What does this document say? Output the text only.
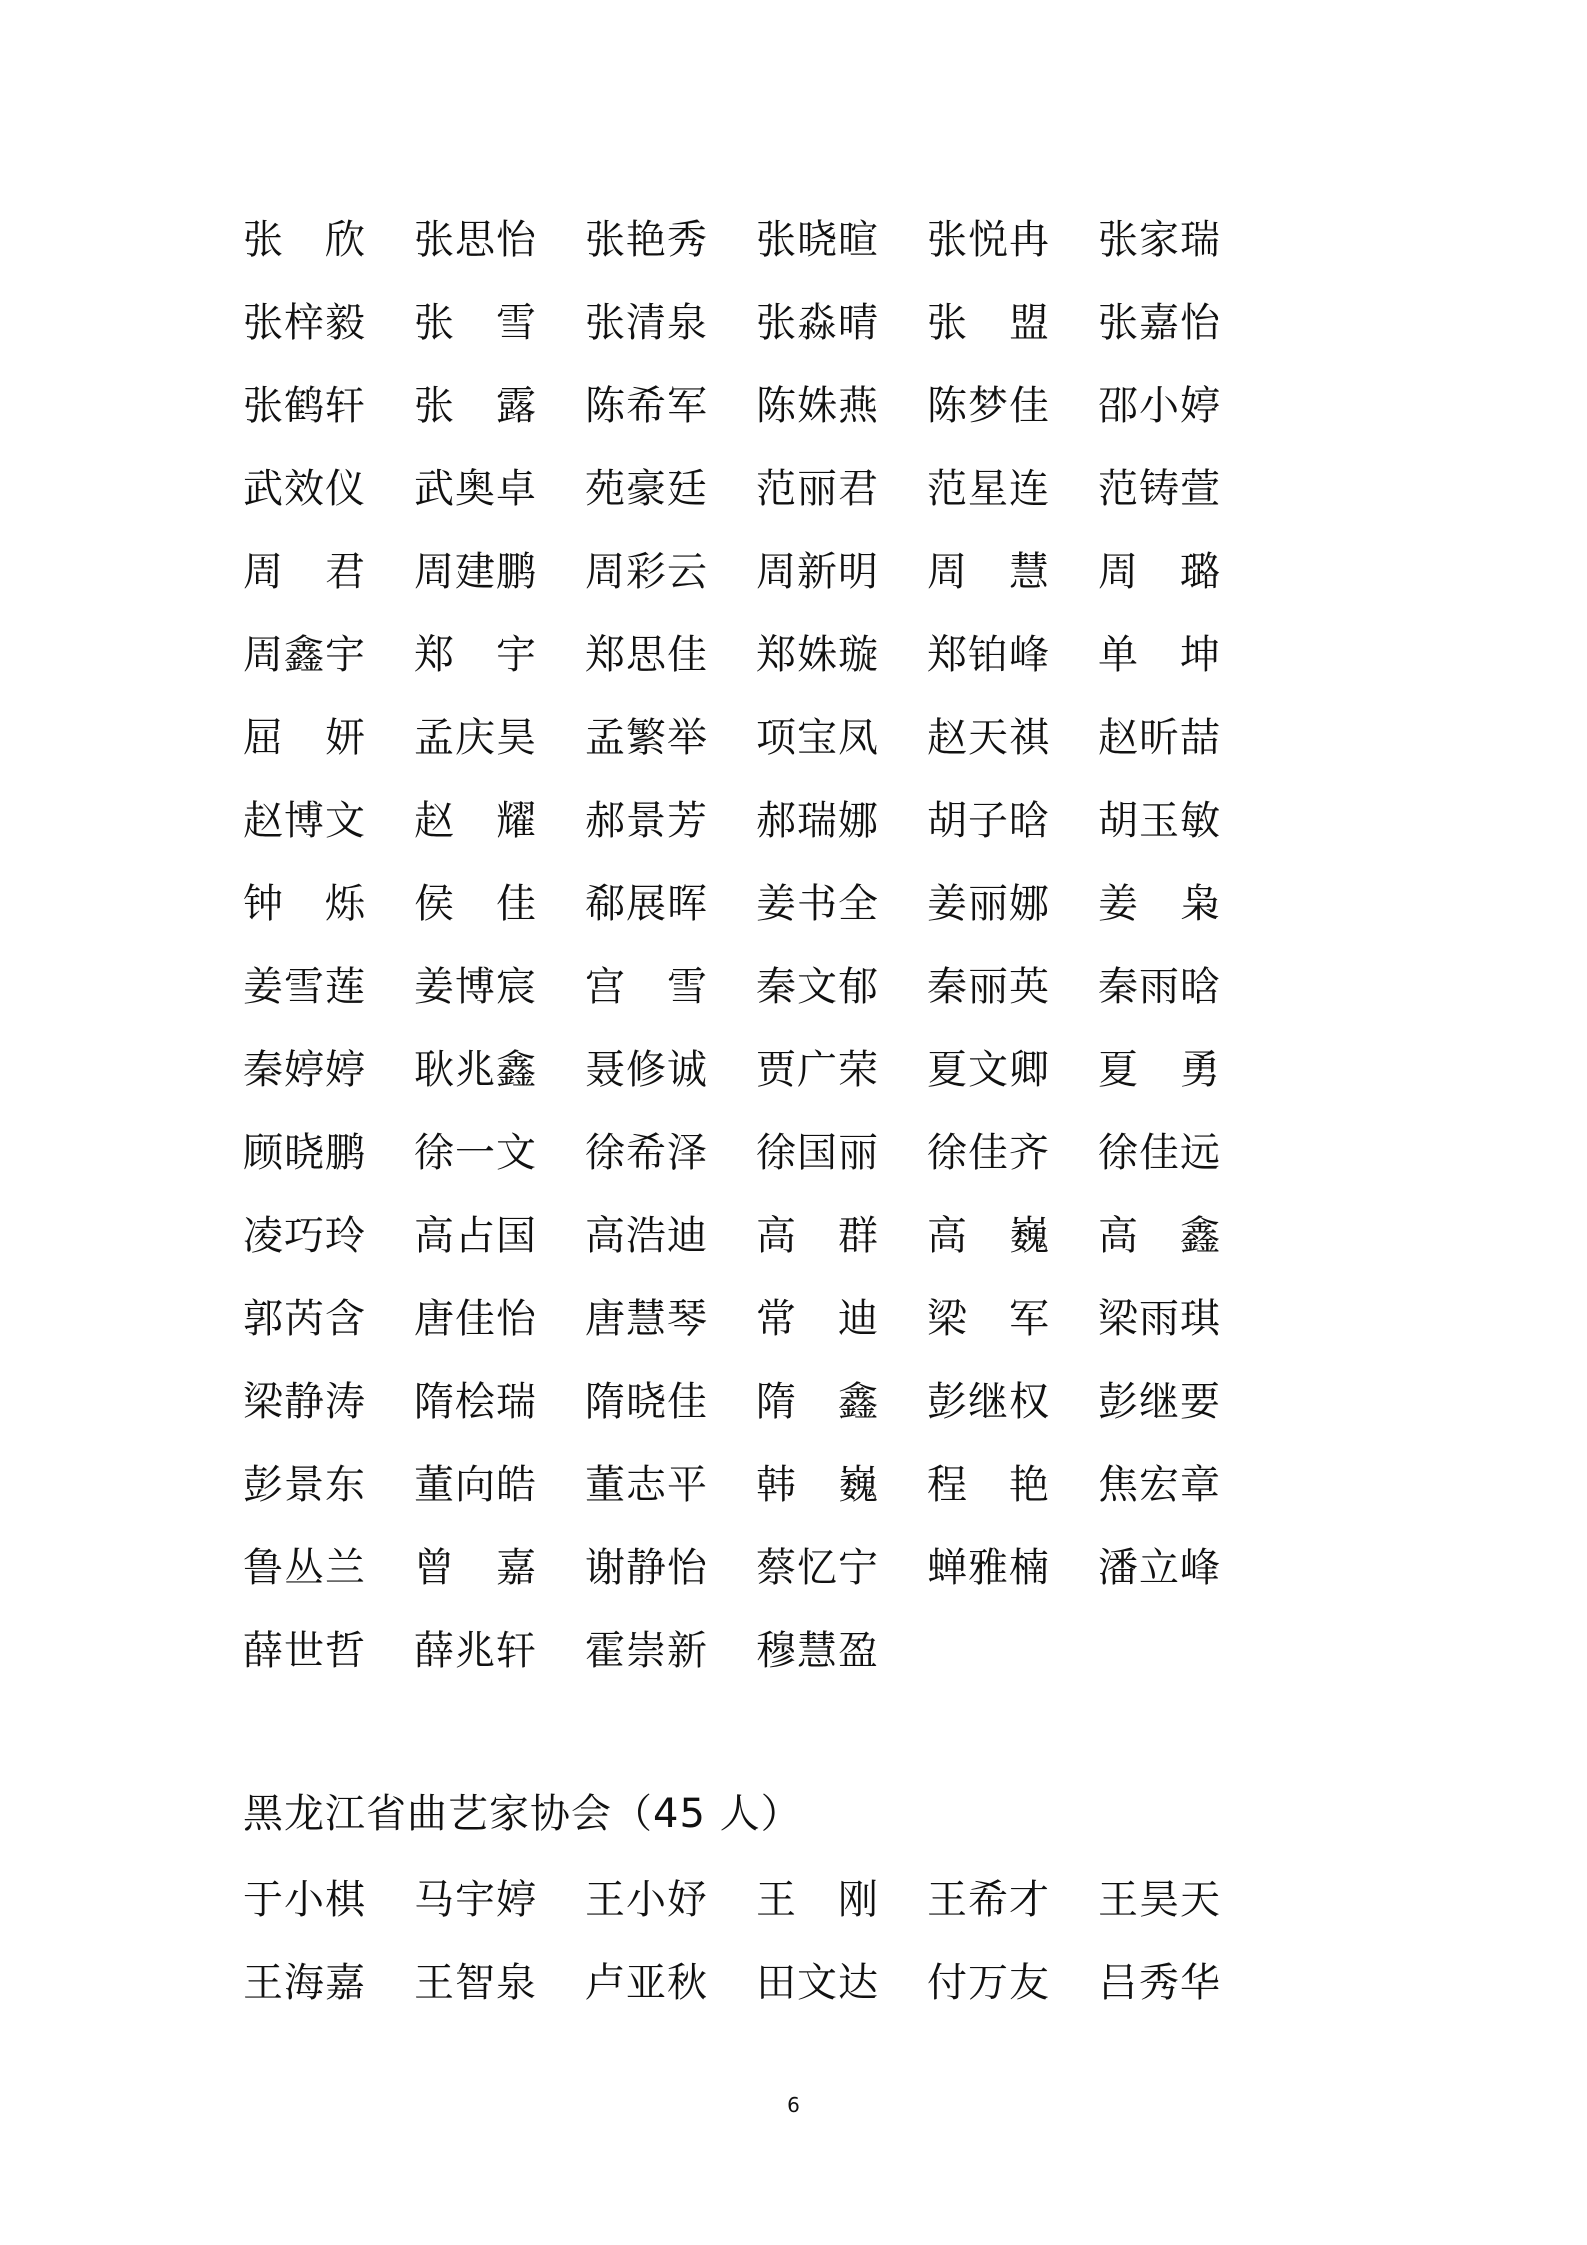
张
　 欣 张 思 怡 张 艳 秀 张 晓 暄 张 悦 冉 张 家 瑞
张 梓 毅 张
　 雪 张 清 泉 张 淼 晴 张
　 盟 张 嘉 怡
张 鹤 轩 张
　 露 陈 希 军 陈 姝 燕 陈 梦 佳 邵 小 婷
武 效 仪 武 奥 卓 苑 豪 廷 范 丽 君 范 星 连 范 铸 萱
周
　 君 周 建 鹏 周 彩 云 周 新 明 周
　 慧 周
　 璐
周 鑫 宇 郑
　 宇 郑 思 佳 郑 姝 璇 郑 铂 峰 单
　 坤
屈
　 妍 孟 庆 昊 孟 繁 举 项 宝 凤 赵 天 祺 赵 昕 喆
赵 博 文 赵
　 耀 郝 景 芳 郝 瑞 娜 胡 子 晗 胡 玉 敏
钟
　 烁 侯
　 佳 郗 展 晖 姜 书 全 姜 丽 娜 姜
　 枭
姜 雪 莲 姜 博 宸 宫
　 雪 秦 文 郁 秦 丽 英 秦 雨 晗
秦 婷 婷 耿 兆 鑫 聂 修 诚 贾 广 荣 夏 文 卿 夏
　 勇
顾 晓 鹏 徐 一 文 徐 希 泽 徐 国 丽 徐 佳 齐 徐 佳 远
凌 巧 玲 高 占 国 高 浩 迪 高
　 群 高
　 巍 高
　 鑫
郭 芮 含 唐 佳 怡 唐 慧 琴 常
　 迪 梁
　 军 梁 雨 琪
梁 静 涛 隋 桧 瑞 隋 晓 佳 隋
　 鑫 彭 继 权 彭 继 要
彭 景 东 董 向 皓 董 志 平 韩
　 巍 程
　 艳 焦 宏 章
鲁 丛 兰 曾
　 嘉 谢 静 怡 蔡 忆 宁 蝉 雅 楠 潘 立 峰
薛 世 哲 薛 兆 轩 霍 崇 新 穆 慧 盈
黑龙江省曲艺家协会（45 人）
于 小 棋 马 宇 婷 王 小 妤 王
　 刚 王 希 才 王 昊 天
王 海 嘉 王 智 泉 卢 亚 秋 田 文 达 付 万 友 吕 秀 华
6
